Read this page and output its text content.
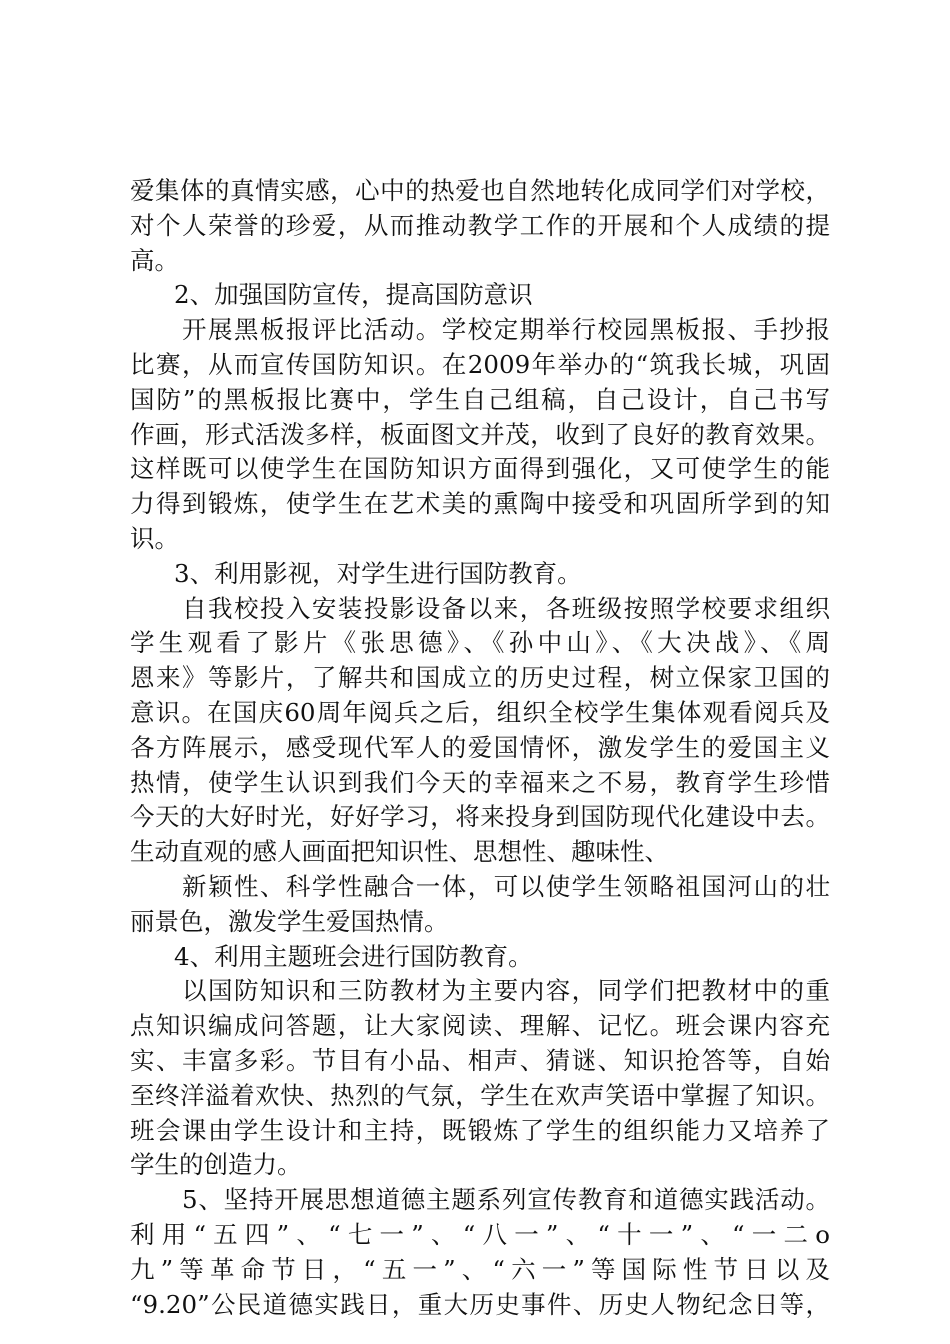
爱集体的真情实感，心中的热爱也自然地转化成同学们对学校，
对个人荣誉的珍爱，从而推动教学工作的开展和个人成绩的提
高。
2、加强国防宣传，提高国防意识
开展黑板报评比活动。学校定期举行校园黑板报、手抄报
比赛，从而宣传国防知识。在2009年举办的“筑我长城，巩固
国防”的黑板报比赛中，学生自己组稿，自己设计，自己书写
作画，形式活泼多样，板面图文并茂，收到了良好的教育效果。
这样既可以使学生在国防知识方面得到强化，又可使学生的能
力得到锻炼，使学生在艺术美的熏陶中接受和巩固所学到的知
识。
3、利用影视，对学生进行国防教育。
自我校投入安装投影设备以来，各班级按照学校要求组织
学生观看了影片《张思德》、《孙中山》、《大决战》、《周
恩来》等影片，了解共和国成立的历史过程，树立保家卫国的
意识。在国庆60周年阅兵之后，组织全校学生集体观看阅兵及
各方阵展示，感受现代军人的爱国情怀，激发学生的爱国主义
热情，使学生认识到我们今天的幸福来之不易，教育学生珍惜
今天的大好时光，好好学习，将来投身到国防现代化建设中去。
生动直观的感人画面把知识性、思想性、趣味性、
新颖性、科学性融合一体，可以使学生领略祖国河山的壮
丽景色，激发学生爱国热情。
4、利用主题班会进行国防教育。
以国防知识和三防教材为主要内容，同学们把教材中的重
点知识编成问答题，让大家阅读、理解、记忆。班会课内容充
实、丰富多彩。节目有小品、相声、猜谜、知识抢答等，自始
至终洋溢着欢快、热烈的气氛，学生在欢声笑语中掌握了知识。
班会课由学生设计和主持，既锻炼了学生的组织能力又培养了
学生的创造力。
5、坚持开展思想道德主题系列宣传教育和道德实践活动。
利用“五四”、“七一”、“八一”、“十一”、“一二ο
九”等革命节日，“五一”、“六一”等国际性节日以及
“9.20”公民道德实践日，重大历史事件、历史人物纪念日等，
